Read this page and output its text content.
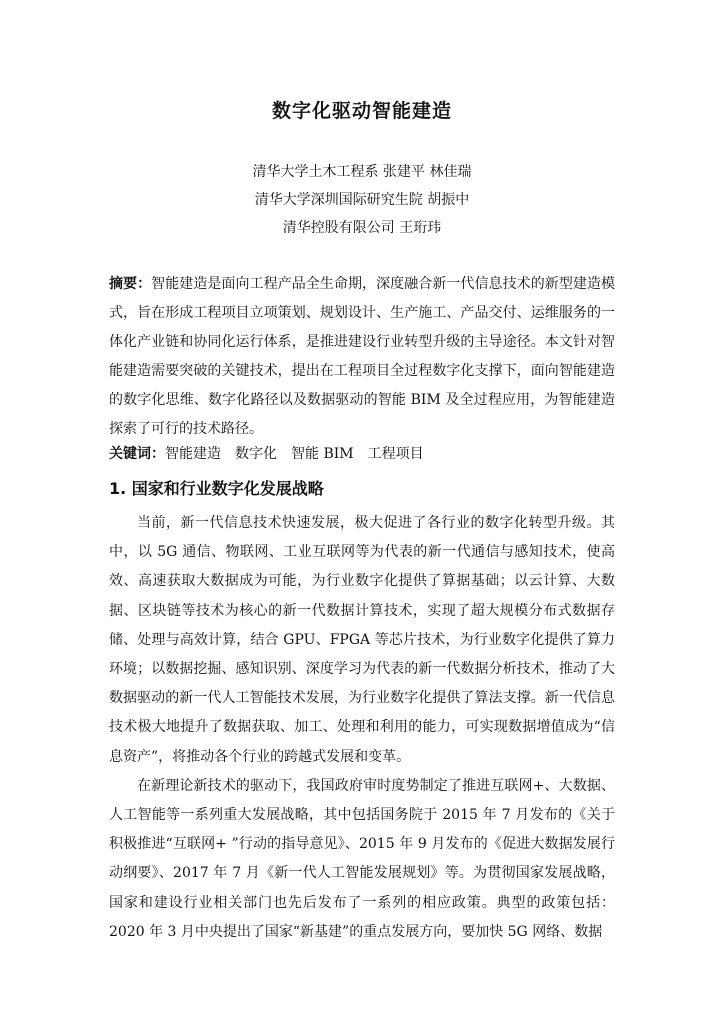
数字化驱动智能建造
清华大学土木工程系 张建平 林佳瑞
清华大学深圳国际研究生院 胡振中
清华控股有限公司 王珩玮
摘要：智能建造是面向工程产品全生命期，深度融合新一代信息技术的新型建造模式，旨在形成工程项目立项策划、规划设计、生产施工、产品交付、运维服务的一体化产业链和协同化运行体系，是推进建设行业转型升级的主导途径。本文针对智能建造需要突破的关键技术，提出在工程项目全过程数字化支撑下，面向智能建造的数字化思维、数字化路径以及数据驱动的智能 BIM 及全过程应用，为智能建造探索了可行的技术路径。
关键词：智能建造 数字化 智能 BIM 工程项目
1. 国家和行业数字化发展战略

当前，新一代信息技术快速发展，极大促进了各行业的数字化转型升级。其中，以 5G 通信、物联网、工业互联网等为代表的新一代通信与感知技术，使高效、高速获取大数据成为可能，为行业数字化提供了算据基础；以云计算、大数据、区块链等技术为核心的新一代数据计算技术，实现了超大规模分布式数据存储、处理与高效计算，结合 GPU、FPGA 等芯片技术，为行业数字化提供了算力环境；以数据挖掘、感知识别、深度学习为代表的新一代数据分析技术，推动了大数据驱动的新一代人工智能技术发展，为行业数字化提供了算法支撑。新一代信息技术极大地提升了数据获取、加工、处理和利用的能力，可实现数据增值成为“信息资产”，将推动各个行业的跨越式发展和变革。

在新理论新技术的驱动下，我国政府审时度势制定了推进互联网+、大数据、人工智能等一系列重大发展战略，其中包括国务院于 2015 年 7 月发布的《关于积极推进“互联网+ ”行动的指导意见》、2015 年 9 月发布的《促进大数据发展行动纲要》、2017 年 7 月《新一代人工智能发展规划》等。为贯彻国家发展战略，国家和建设行业相关部门也先后发布了一系列的相应政策。典型的政策包括：2020 年 3 月中央提出了国家“新基建”的重点发展方向，要加快 5G 网络、数据
